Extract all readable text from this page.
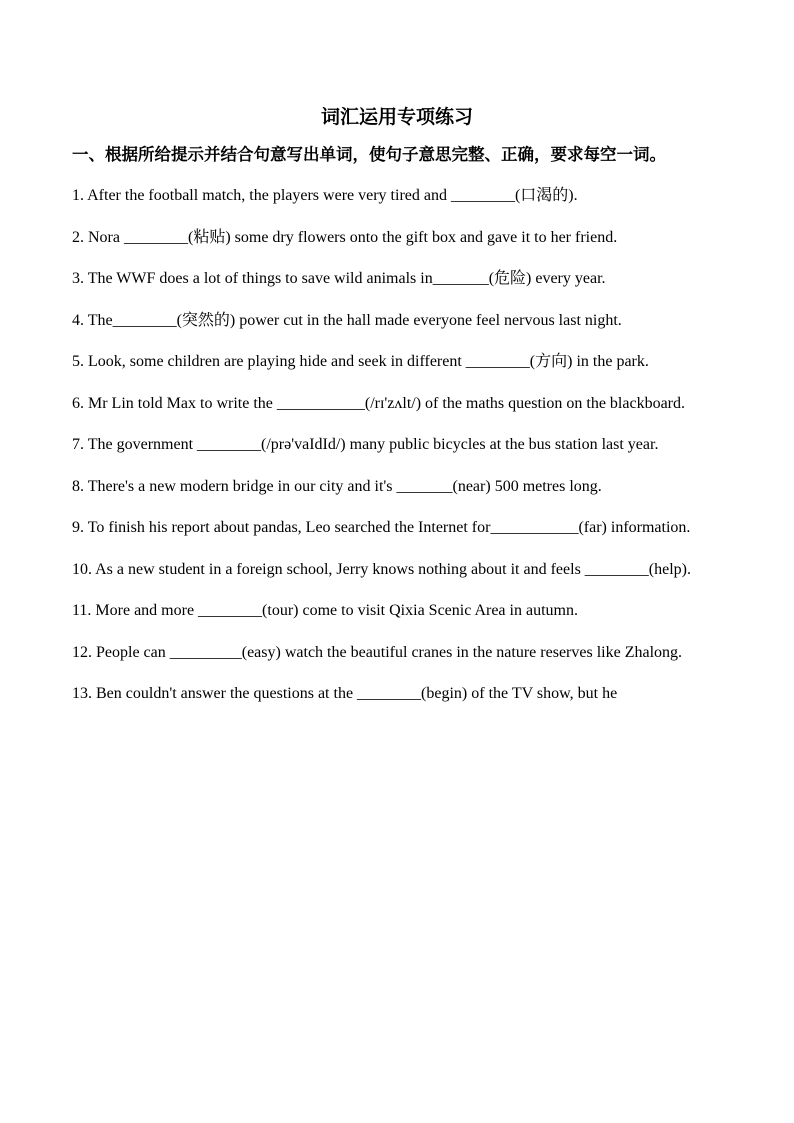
词汇运用专项练习

一、根据所给提示并结合句意写出单词，使句子意思完整、正确，要求每空一词。

1. After the football match, the players were very tired and ________(口渴的).
2. Nora ________(粘贴) some dry flowers onto the gift box and gave it to her friend.
3. The WWF does a lot of things to save wild animals in_______(危险) every year.
4. The________(突然的) power cut in the hall made everyone feel nervous last night.
5. Look, some children are playing hide and seek in different ________(方向) in the park.
6. Mr Lin told Max to write the ___________(/rɪ'zʌlt/) of the maths question on the blackboard.
7. The government ________(/prə'vaIdId/) many public bicycles at the bus station last year.
8. There's a new modern bridge in our city and it's _______(near) 500 metres long.
9. To finish his report about pandas, Leo searched the Internet for___________(far) information.
10. As a new student in a foreign school, Jerry knows nothing about it and feels ________(help).
11. More and more ________(tour) come to visit Qixia Scenic Area in autumn.
12. People can _________(easy) watch the beautiful cranes in the nature reserves like Zhalong.
13. Ben couldn't answer the questions at the ________(begin) of the TV show, but he
